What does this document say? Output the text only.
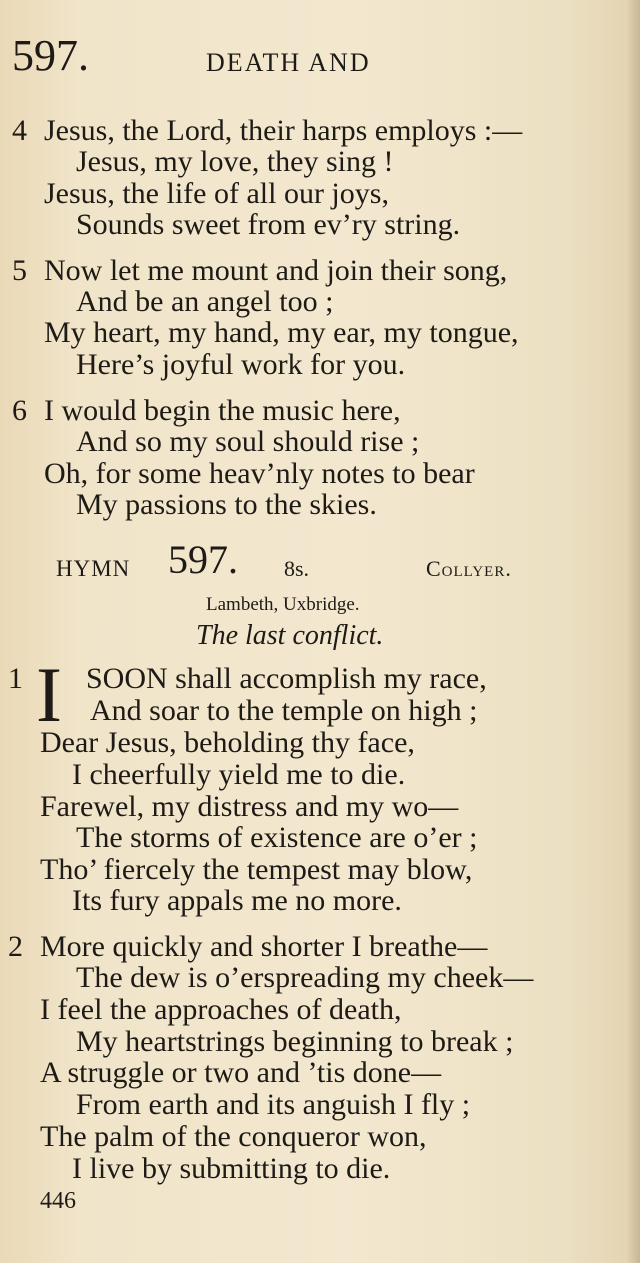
597.	DEATH AND
4 Jesus, the Lord, their harps employs :—
Jesus, my love, they sing !
Jesus, the life of all our joys,
Sounds sweet from ev’ry string.
5 Now let me mount and join their song,
And be an angel too ;
My heart, my hand, my ear, my tongue,
Here’s joyful work for you.
6 I would begin the music here,
And so my soul should rise ;
Oh, for some heav’nly notes to bear
My passions to the skies.
HYMN 597. 8s.	Collyer.
Lambeth, Uxbridge.
The last conflict.
1 I SOON shall accomplish my race,
And soar to the temple on high ;
Dear Jesus, beholding thy face,
I cheerfully yield me to die.
Farewel, my distress and my wo—
The storms of existence are o’er ;
Tho’ fiercely the tempest may blow,
Its fury appals me no more.
2 More quickly and shorter I breathe—
The dew is o’erspreading my cheek—
I feel the approaches of death,
My heartstrings beginning to break ;
A struggle or two and ’tis done—
From earth and its anguish I fly ;
The palm of the conqueror won,
I live by submitting to die.
446
